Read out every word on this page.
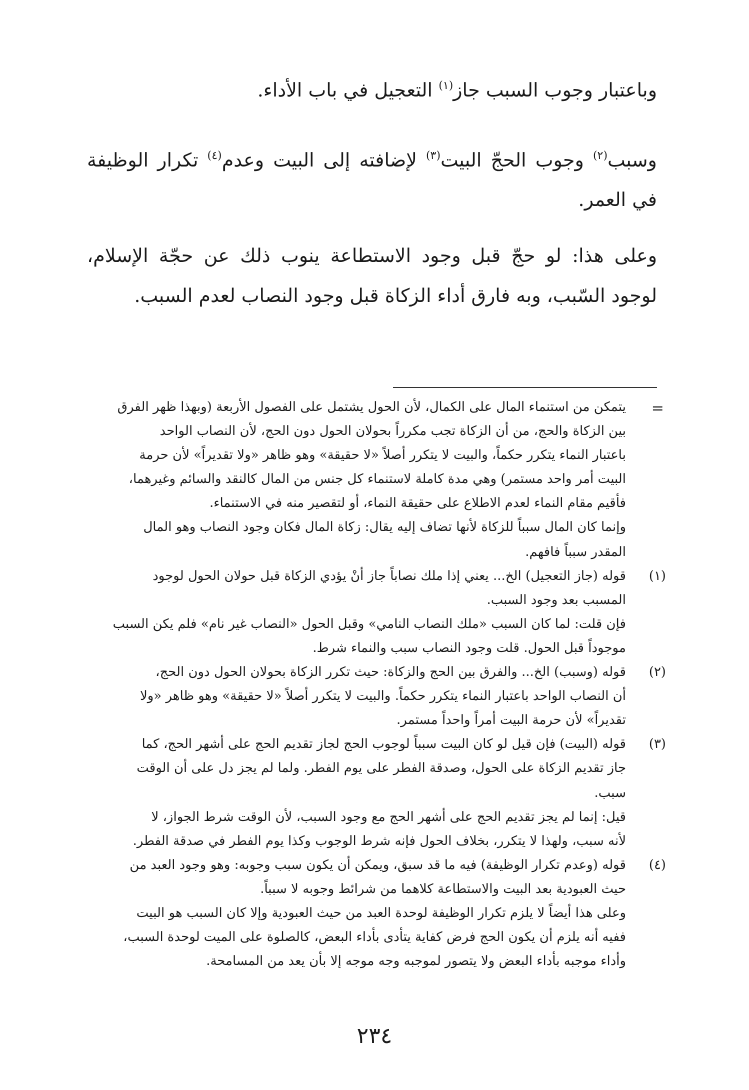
وباعتبار وجوب السبب جاز$^{(١)}$ التعجيل في باب الأداء.

وسبب$^{(٢)}$ وجوب الحجّ البيت$^{(٣)}$ لإضافته إلى البيت وعدم$^{(٤)}$ تكرار الوظيفة في العمر.

وعلى هذا: لو حجّ قبل وجود الاستطاعة ينوب ذلك عن حجّة الإسلام، لوجود السّبب، وبه فارق أداء الزكاة قبل وجود النصاب لعدم السبب.

=
يتمكن من استنماء المال على الكمال، لأن الحول يشتمل على الفصول الأربعة (وبهذا ظهر الفرق
بين الزكاة والحج، من أن الزكاة تجب مكرراً بحولان الحول دون الحج، لأن النصاب الواحد
باعتبار النماء يتكرر حكماً، والبيت لا يتكرر أصلاً «لا حقيقة» وهو ظاهر «ولا تقديراً» لأن حرمة
البيت أمر واحد مستمر) وهي مدة كاملة لاستنماء كل جنس من المال كالنقد والسائم وغيرهما،
فأقيم مقام النماء لعدم الاطلاع على حقيقة النماء، أو لتقصير منه في الاستنماء.
وإنما كان المال سبباً للزكاة لأنها تضاف إليه يقال: زكاة المال فكان وجود النصاب وهو المال
المقدر سبباً فافهم.
(١)
قوله (جاز التعجيل) الخ... يعني إذا ملك نصاباً جاز أنْ يؤدي الزكاة قبل حولان الحول لوجود
المسبب بعد وجود السبب.
فإن قلت: لما كان السبب «ملك النصاب النامي» وقبل الحول «النصاب غير نام» فلم يكن السبب
موجوداً قبل الحول. قلت وجود النصاب سبب والنماء شرط.
(٢)
قوله (وسبب) الخ... والفرق بين الحج والزكاة: حيث تكرر الزكاة بحولان الحول دون الحج،
أن النصاب الواحد باعتبار النماء يتكرر حكماً. والبيت لا يتكرر أصلاً «لا حقيقة» وهو ظاهر «ولا
تقديراً» لأن حرمة البيت أمراً واحداً مستمر.
(٣)
قوله (البيت) فإن قيل لو كان البيت سبباً لوجوب الحج لجاز تقديم الحج على أشهر الحج، كما
جاز تقديم الزكاة على الحول، وصدقة الفطر على يوم الفطر. ولما لم يجز دل على أن الوقت
سبب.
قيل: إنما لم يجز تقديم الحج على أشهر الحج مع وجود السبب، لأن الوقت شرط الجواز، لا
لأنه سبب، ولهذا لا يتكرر، بخلاف الحول فإنه شرط الوجوب وكذا يوم الفطر في صدقة الفطر.
(٤)
قوله (وعدم تكرار الوظيفة) فيه ما قد سبق، ويمكن أن يكون سبب وجوبه: وهو وجود العبد من
حيث العبودية بعد البيت والاستطاعة كلاهما من شرائط وجوبه لا سبباً.
وعلى هذا أيضاً لا يلزم تكرار الوظيفة لوحدة العبد من حيث العبودية وإلا كان السبب هو البيت
ففيه أنه يلزم أن يكون الحج فرض كفاية يتأدى بأداء البعض، كالصلوة على الميت لوحدة السبب،
وأداء موجبه بأداء البعض ولا يتصور لموجبه وجه موجه إلا بأن يعد من المسامحة.
٢٣٤
